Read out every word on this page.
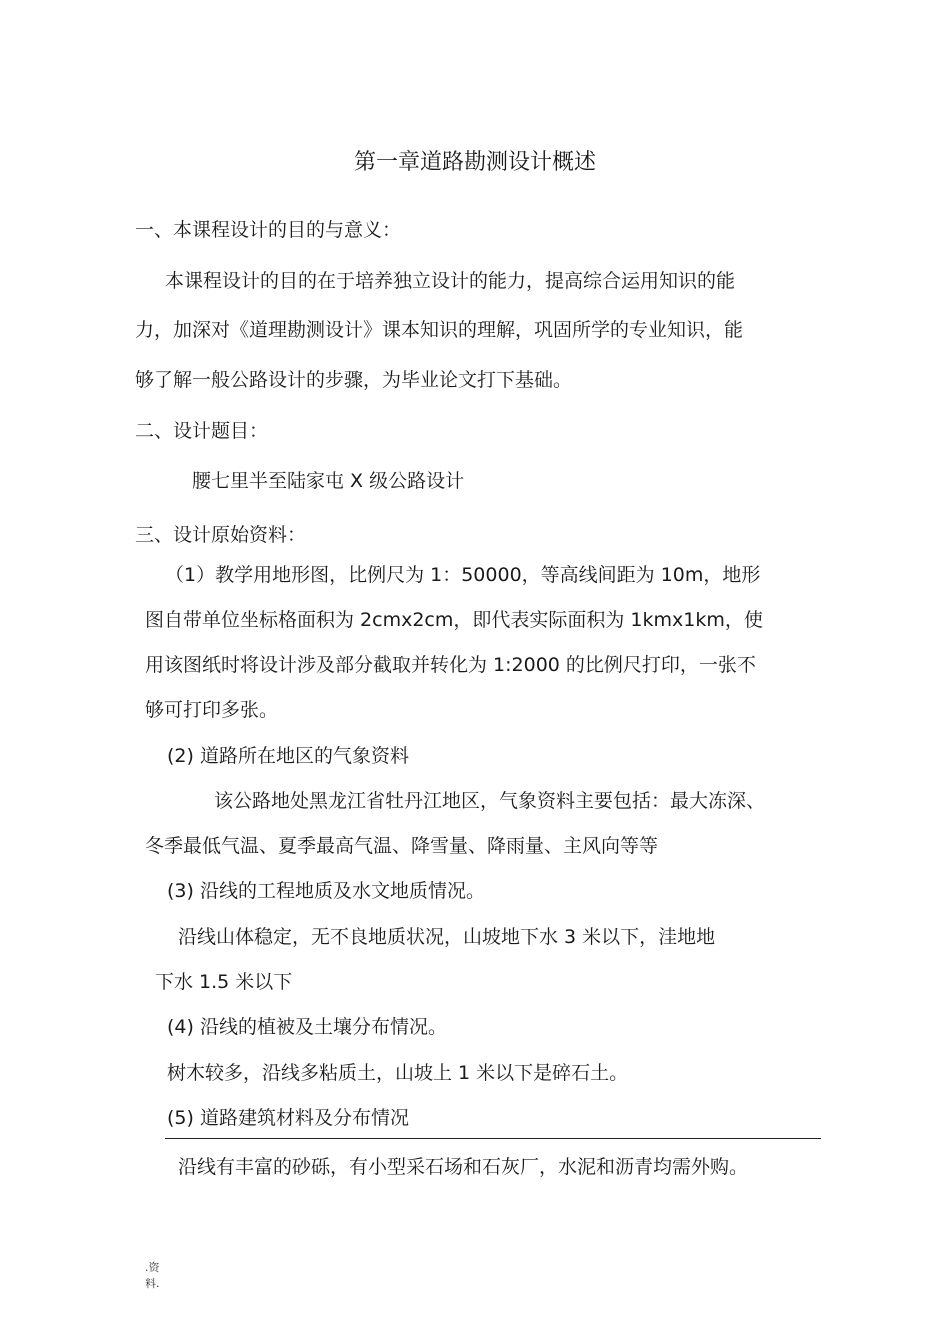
第一章道路勘测设计概述
一、本课程设计的目的与意义：
本课程设计的目的在于培养独立设计的能力，提高综合运用知识的能
力，加深对《道理勘测设计》课本知识的理解，巩固所学的专业知识，能
够了解一般公路设计的步骤，为毕业论文打下基础。
二、设计题目：
腰七里半至陆家屯 X 级公路设计
三、设计原始资料：
（1）教学用地形图，比例尺为 1：50000，等高线间距为 10m，地形
图自带单位坐标格面积为 2cmx2cm，即代表实际面积为 1kmx1km，使
用该图纸时将设计涉及部分截取并转化为 1:2000 的比例尺打印，一张不
够可打印多张。
(2) 道路所在地区的气象资料
该公路地处黑龙江省牡丹江地区，气象资料主要包括：最大冻深、
冬季最低气温、夏季最高气温、降雪量、降雨量、主风向等等
(3) 沿线的工程地质及水文地质情况。
沿线山体稳定，无不良地质状况，山坡地下水 3 米以下，洼地地
下水 1.5 米以下
(4) 沿线的植被及土壤分布情况。
树木较多，沿线多粘质土，山坡上 1 米以下是碎石土。
(5) 道路建筑材料及分布情况
沿线有丰富的砂砾，有小型采石场和石灰厂，水泥和沥青均需外购。
.资
料.
